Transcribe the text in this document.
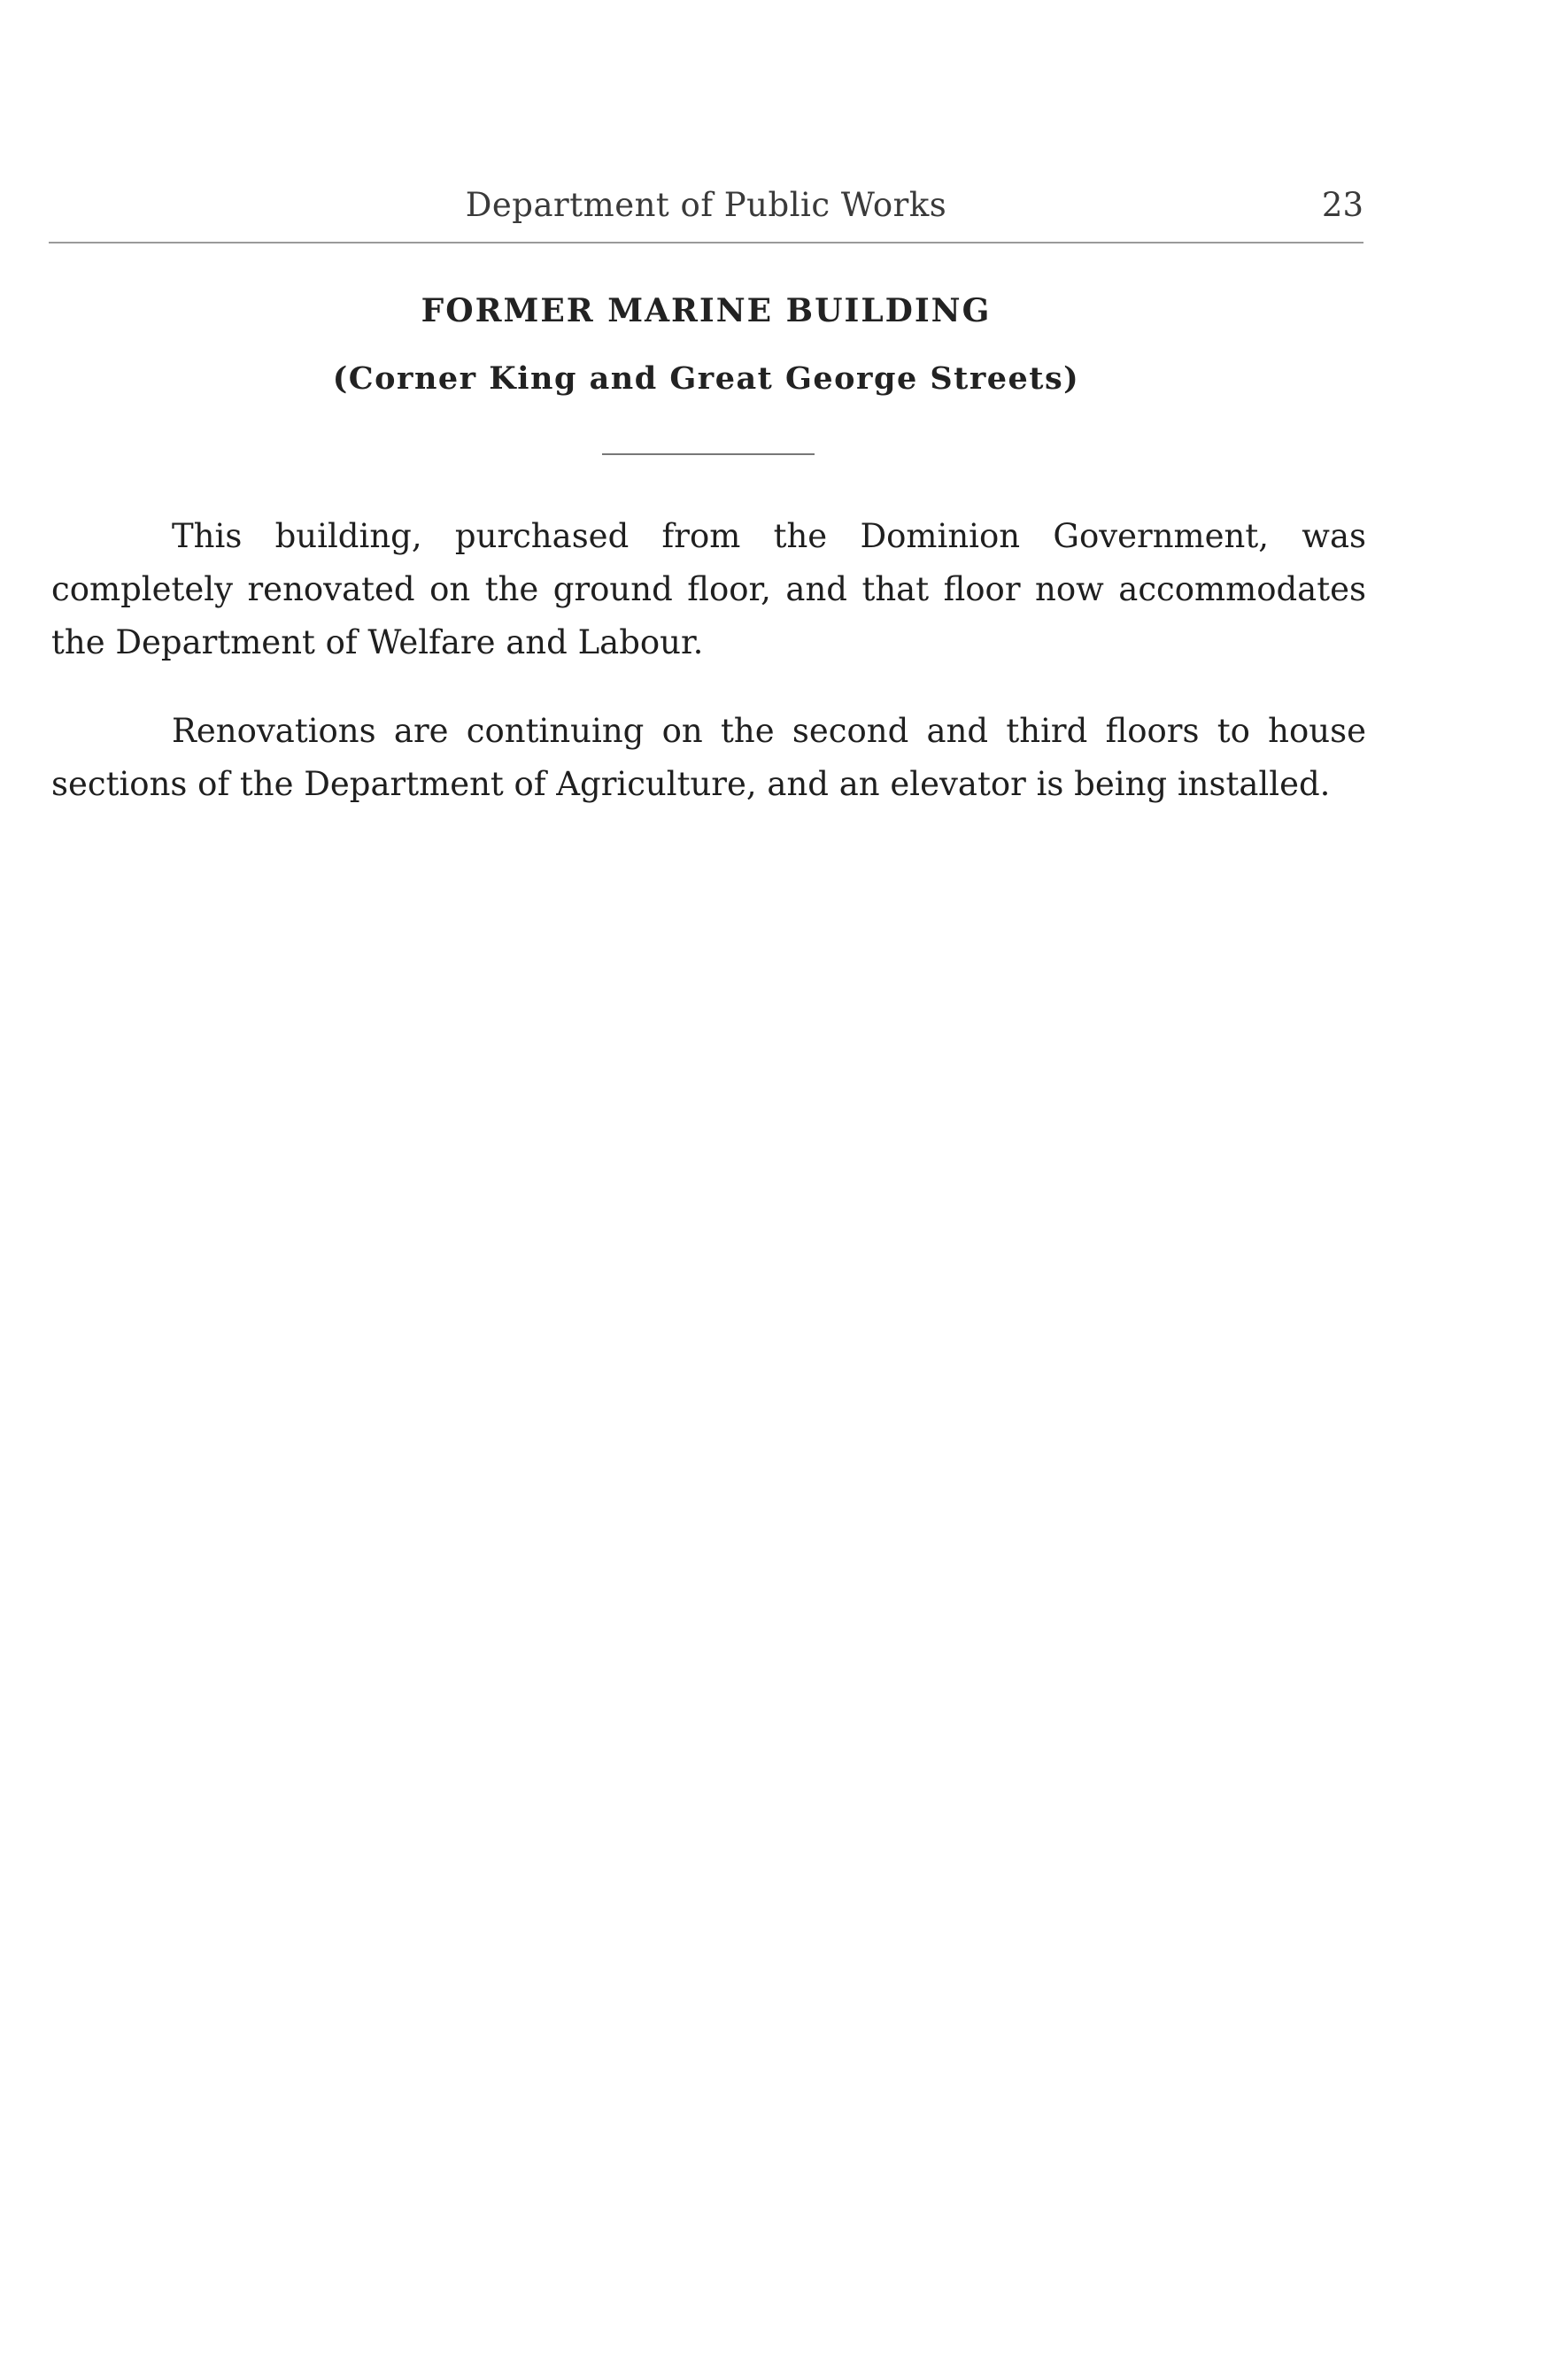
Department of Public Works	23
FORMER MARINE BUILDING
(Corner King and Great George Streets)

This building, purchased from the Dominion Government, was completely renovated on the ground floor, and that floor now accommodates the Department of Welfare and Labour.

Renovations are continuing on the second and third floors to house sections of the Department of Agriculture, and an elevator is being installed.
